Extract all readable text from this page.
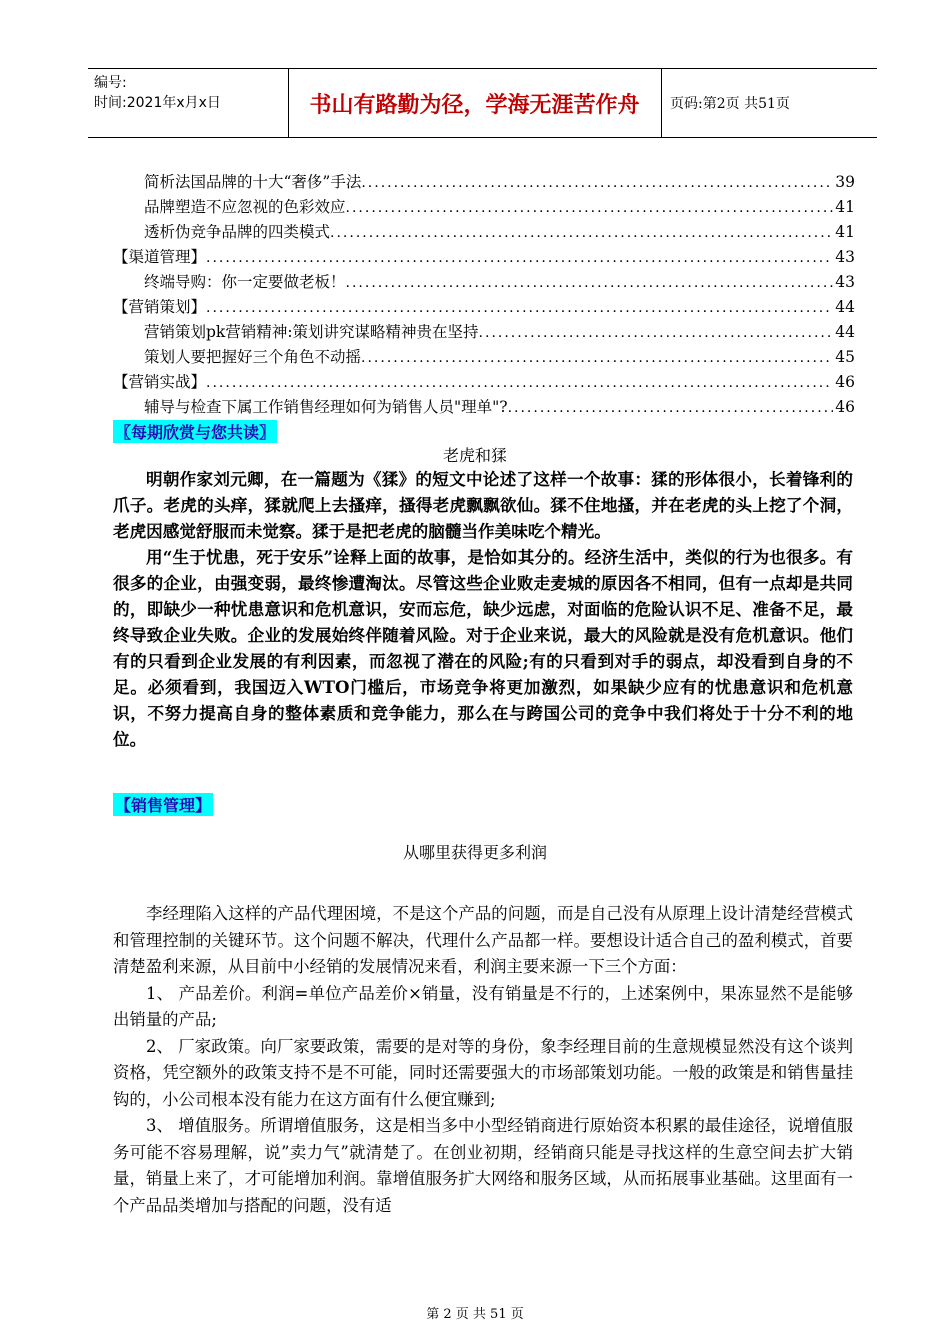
编号:
时间:2021年x月x日	书山有路勤为径，学海无涯苦作舟	页码:第2页 共51页
简析法国品牌的十大“奢侈”手法 .....	39
品牌塑造不应忽视的色彩效应 .....	41
透析伪竞争品牌的四类模式 .....	41
【渠道管理】 .....	43
终端导购：你一定要做老板！ .....	43
【营销策划】 .....	44
营销策划pk营销精神:策划讲究谋略精神贵在坚持 .....	44
策划人要把握好三个角色不动摇 .....	45
【营销实战】 .....	46
辅导与检查下属工作销售经理如何为销售人员"理单"? .....	46
〖每期欣赏与您共读〗
老虎和猱

明朝作家刘元卿，在一篇题为《猱》的短文中论述了这样一个故事：猱的形体很小，长着锋利的爪子。老虎的头痒，猱就爬上去搔痒，搔得老虎飘飘欲仙。猱不住地搔，并在老虎的头上挖了个洞，老虎因感觉舒服而未觉察。猱于是把老虎的脑髓当作美味吃个精光。

用“生于忧患，死于安乐”诠释上面的故事，是恰如其分的。经济生活中，类似的行为也很多。有很多的企业，由强变弱，最终惨遭淘汰。尽管这些企业败走麦城的原因各不相同，但有一点却是共同的，即缺少一种忧患意识和危机意识，安而忘危，缺少远虑，对面临的危险认识不足、准备不足，最终导致企业失败。企业的发展始终伴随着风险。对于企业来说，最大的风险就是没有危机意识。他们有的只看到企业发展的有利因素，而忽视了潜在的风险;有的只看到对手的弱点，却没看到自身的不足。必须看到，我国迈入WTO门槛后，市场竞争将更加激烈，如果缺少应有的忧患意识和危机意识，不努力提高自身的整体素质和竞争能力，那么在与跨国公司的竞争中我们将处于十分不利的地位。

【销售管理】
从哪里获得更多利润

李经理陷入这样的产品代理困境，不是这个产品的问题，而是自己没有从原理上设计清楚经营模式和管理控制的关键环节。这个问题不解决，代理什么产品都一样。要想设计适合自己的盈利模式，首要清楚盈利来源，从目前中小经销的发展情况来看，利润主要来源一下三个方面：

1、 产品差价。利润=单位产品差价×销量，没有销量是不行的，上述案例中，果冻显然不是能够出销量的产品;

2、 厂家政策。向厂家要政策，需要的是对等的身份，象李经理目前的生意规模显然没有这个谈判资格，凭空额外的政策支持不是不可能，同时还需要强大的市场部策划功能。一般的政策是和销售量挂钩的，小公司根本没有能力在这方面有什么便宜赚到;

3、 增值服务。所谓增值服务，这是相当多中小型经销商进行原始资本积累的最佳途径，说增值服务可能不容易理解，说”卖力气”就清楚了。在创业初期，经销商只能是寻找这样的生意空间去扩大销量，销量上来了，才可能增加利润。靠增值服务扩大网络和服务区域，从而拓展事业基础。这里面有一个产品品类增加与搭配的问题，没有适

第 2 页 共 51 页
